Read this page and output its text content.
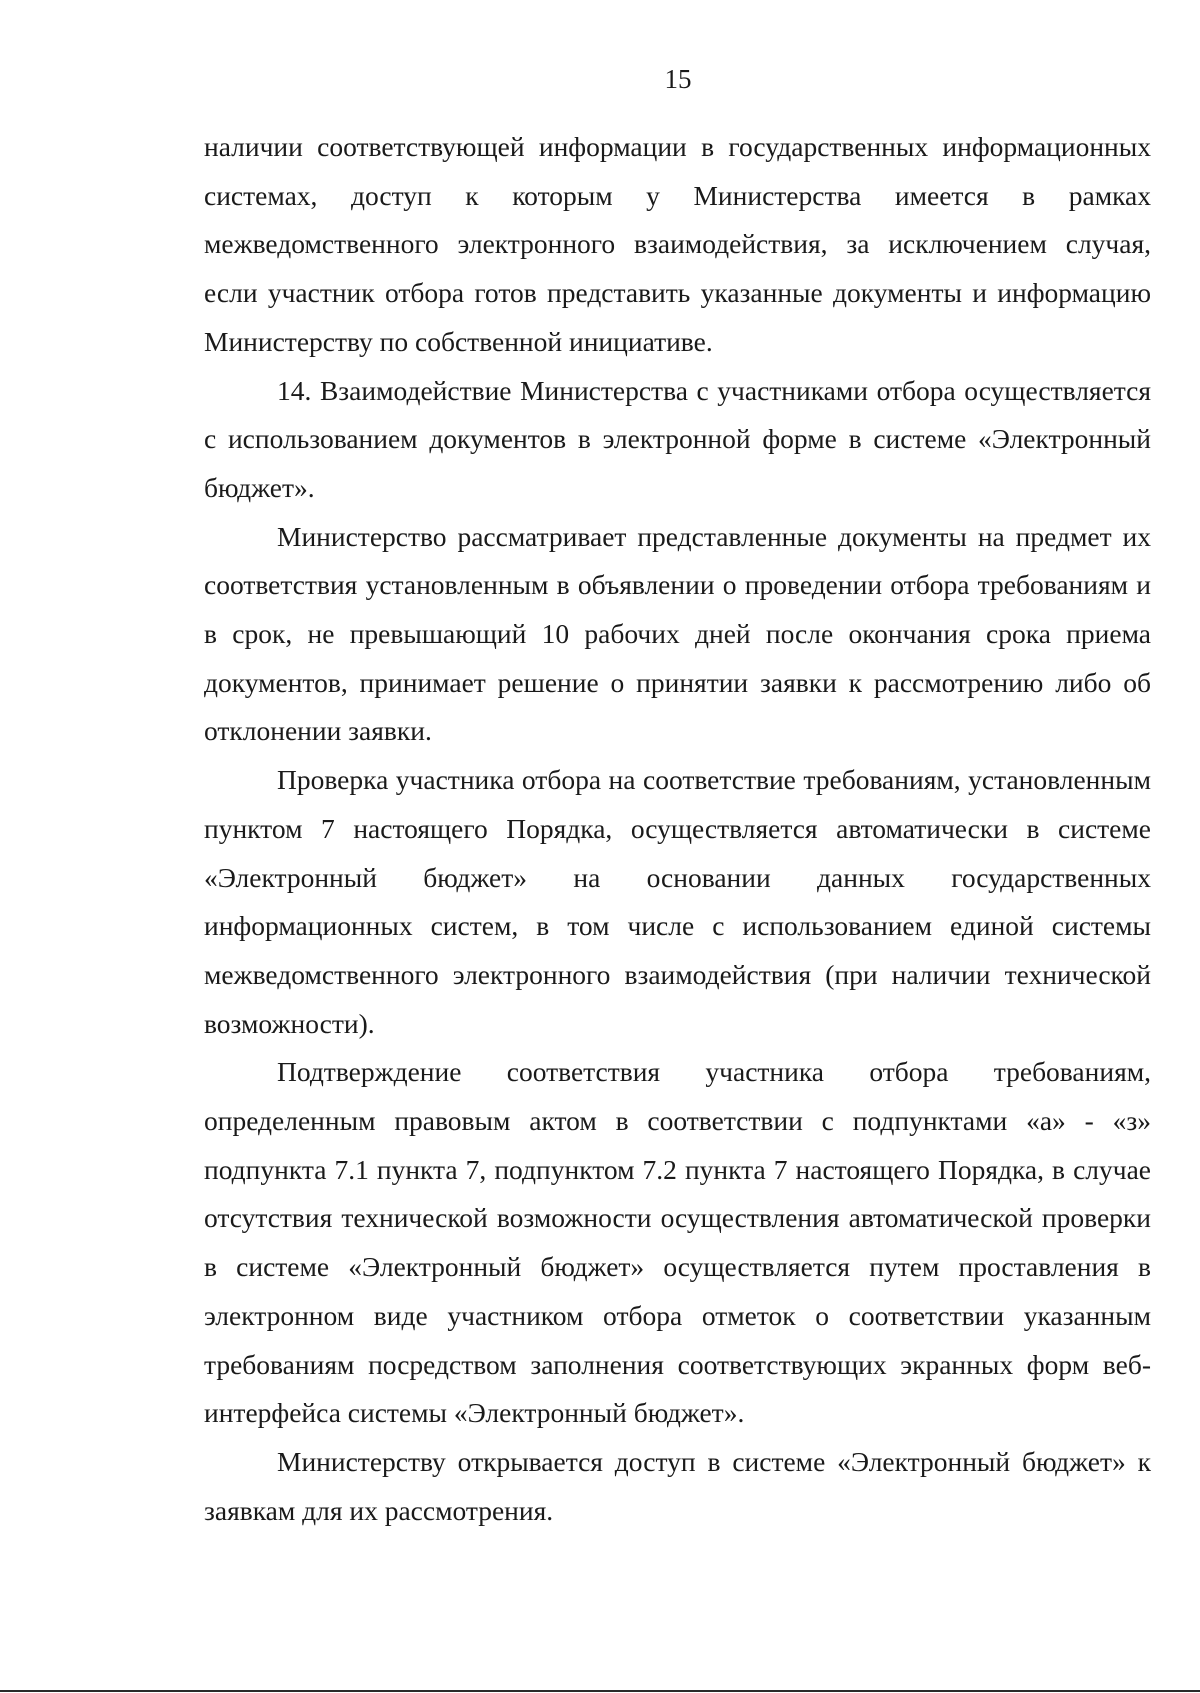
15

наличии соответствующей информации в государственных информационных системах, доступ к которым у Министерства имеется в рамках межведомственного электронного взаимодействия, за исключением случая, если участник отбора готов представить указанные документы и информацию Министерству по собственной инициативе.

14. Взаимодействие Министерства с участниками отбора осуществляется с использованием документов в электронной форме в системе «Электронный бюджет».

Министерство рассматривает представленные документы на предмет их соответствия установленным в объявлении о проведении отбора требованиям и в срок, не превышающий 10 рабочих дней после окончания срока приема документов, принимает решение о принятии заявки к рассмотрению либо об отклонении заявки.

Проверка участника отбора на соответствие требованиям, установленным пунктом 7 настоящего Порядка, осуществляется автоматически в системе «Электронный бюджет» на основании данных государственных информационных систем, в том числе с использованием единой системы межведомственного электронного взаимодействия (при наличии технической возможности).

Подтверждение соответствия участника отбора требованиям, определенным правовым актом в соответствии с подпунктами «а» - «з» подпункта 7.1 пункта 7, подпунктом 7.2 пункта 7 настоящего Порядка, в случае отсутствия технической возможности осуществления автоматической проверки в системе «Электронный бюджет» осуществляется путем проставления в электронном виде участником отбора отметок о соответствии указанным требованиям посредством заполнения соответствующих экранных форм веб-интерфейса системы «Электронный бюджет».

Министерству открывается доступ в системе «Электронный бюджет» к заявкам для их рассмотрения.
